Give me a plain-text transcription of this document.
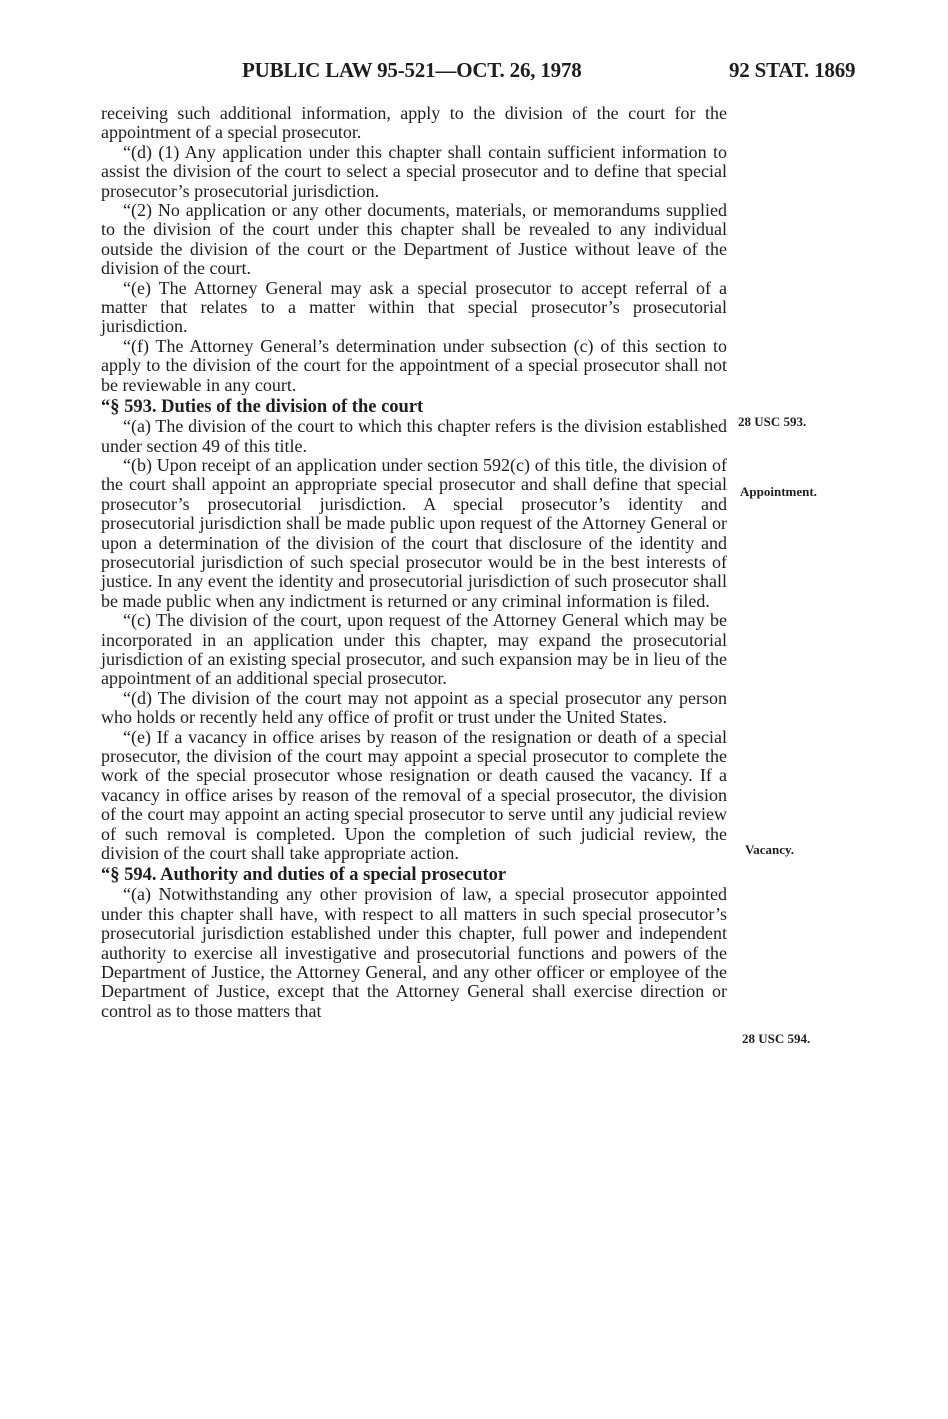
PUBLIC LAW 95-521—OCT. 26, 1978	92 STAT. 1869

receiving such additional information, apply to the division of the court for the appointment of a special prosecutor.

“(d) (1) Any application under this chapter shall contain sufficient information to assist the division of the court to select a special prosecutor and to define that special prosecutor’s prosecutorial jurisdiction.

“(2) No application or any other documents, materials, or memorandums supplied to the division of the court under this chapter shall be revealed to any individual outside the division of the court or the Department of Justice without leave of the division of the court.

“(e) The Attorney General may ask a special prosecutor to accept referral of a matter that relates to a matter within that special prosecutor’s prosecutorial jurisdiction.

“(f) The Attorney General’s determination under subsection (c) of this section to apply to the division of the court for the appointment of a special prosecutor shall not be reviewable in any court.

“§ 593. Duties of the division of the court

“(a) The division of the court to which this chapter refers is the division established under section 49 of this title.

“(b) Upon receipt of an application under section 592(c) of this title, the division of the court shall appoint an appropriate special prosecutor and shall define that special prosecutor’s prosecutorial jurisdiction. A special prosecutor’s identity and prosecutorial jurisdiction shall be made public upon request of the Attorney General or upon a determination of the division of the court that disclosure of the identity and prosecutorial jurisdiction of such special prosecutor would be in the best interests of justice. In any event the identity and prosecutorial jurisdiction of such prosecutor shall be made public when any indictment is returned or any criminal information is filed.

“(c) The division of the court, upon request of the Attorney General which may be incorporated in an application under this chapter, may expand the prosecutorial jurisdiction of an existing special prosecutor, and such expansion may be in lieu of the appointment of an additional special prosecutor.

“(d) The division of the court may not appoint as a special prosecutor any person who holds or recently held any office of profit or trust under the United States.

“(e) If a vacancy in office arises by reason of the resignation or death of a special prosecutor, the division of the court may appoint a special prosecutor to complete the work of the special prosecutor whose resignation or death caused the vacancy. If a vacancy in office arises by reason of the removal of a special prosecutor, the division of the court may appoint an acting special prosecutor to serve until any judicial review of such removal is completed. Upon the completion of such judicial review, the division of the court shall take appropriate action.

“§ 594. Authority and duties of a special prosecutor

“(a) Notwithstanding any other provision of law, a special prosecutor appointed under this chapter shall have, with respect to all matters in such special prosecutor’s prosecutorial jurisdiction established under this chapter, full power and independent authority to exercise all investigative and prosecutorial functions and powers of the Department of Justice, the Attorney General, and any other officer or employee of the Department of Justice, except that the Attorney General shall exercise direction or control as to those matters that

28 USC 593.
Appointment.
Vacancy.
28 USC 594.
